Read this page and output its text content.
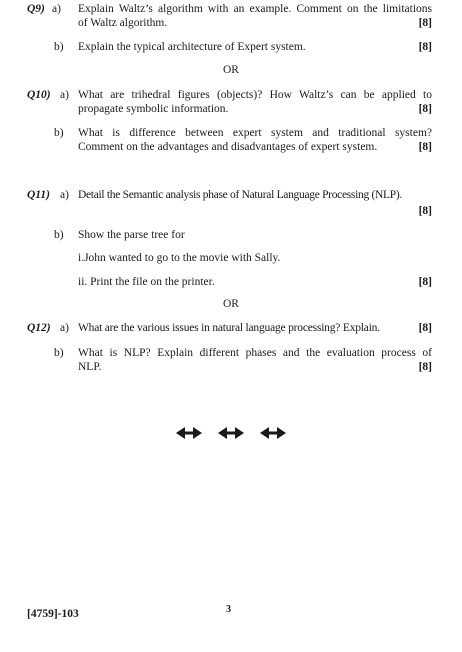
Q9) a) Explain Waltz’s algorithm with an example. Comment on the limitations
of Waltz algorithm.	[8]
b) Explain the typical architecture of Expert system.	[8]
OR
Q10) a) What are trihedral figures (objects)? How Waltz’s can be applied to
propagate symbolic information.	[8]
b) What is difference between expert system and traditional system?
Comment on the advantages and disadvantages of expert system.	[8]
Q11) a) Detail the Semantic analysis phase of Natural Language Processing (NLP).
[8]
b) Show the parse tree for
i.John wanted to go to the movie with Sally.
ii. Print the file on the printer.	[8]
OR
Q12) a) What are the various issues in natural language processing? Explain.	[8]
b) What is NLP? Explain different phases and the evaluation process of
NLP.	[8]

[4759]-103	3
